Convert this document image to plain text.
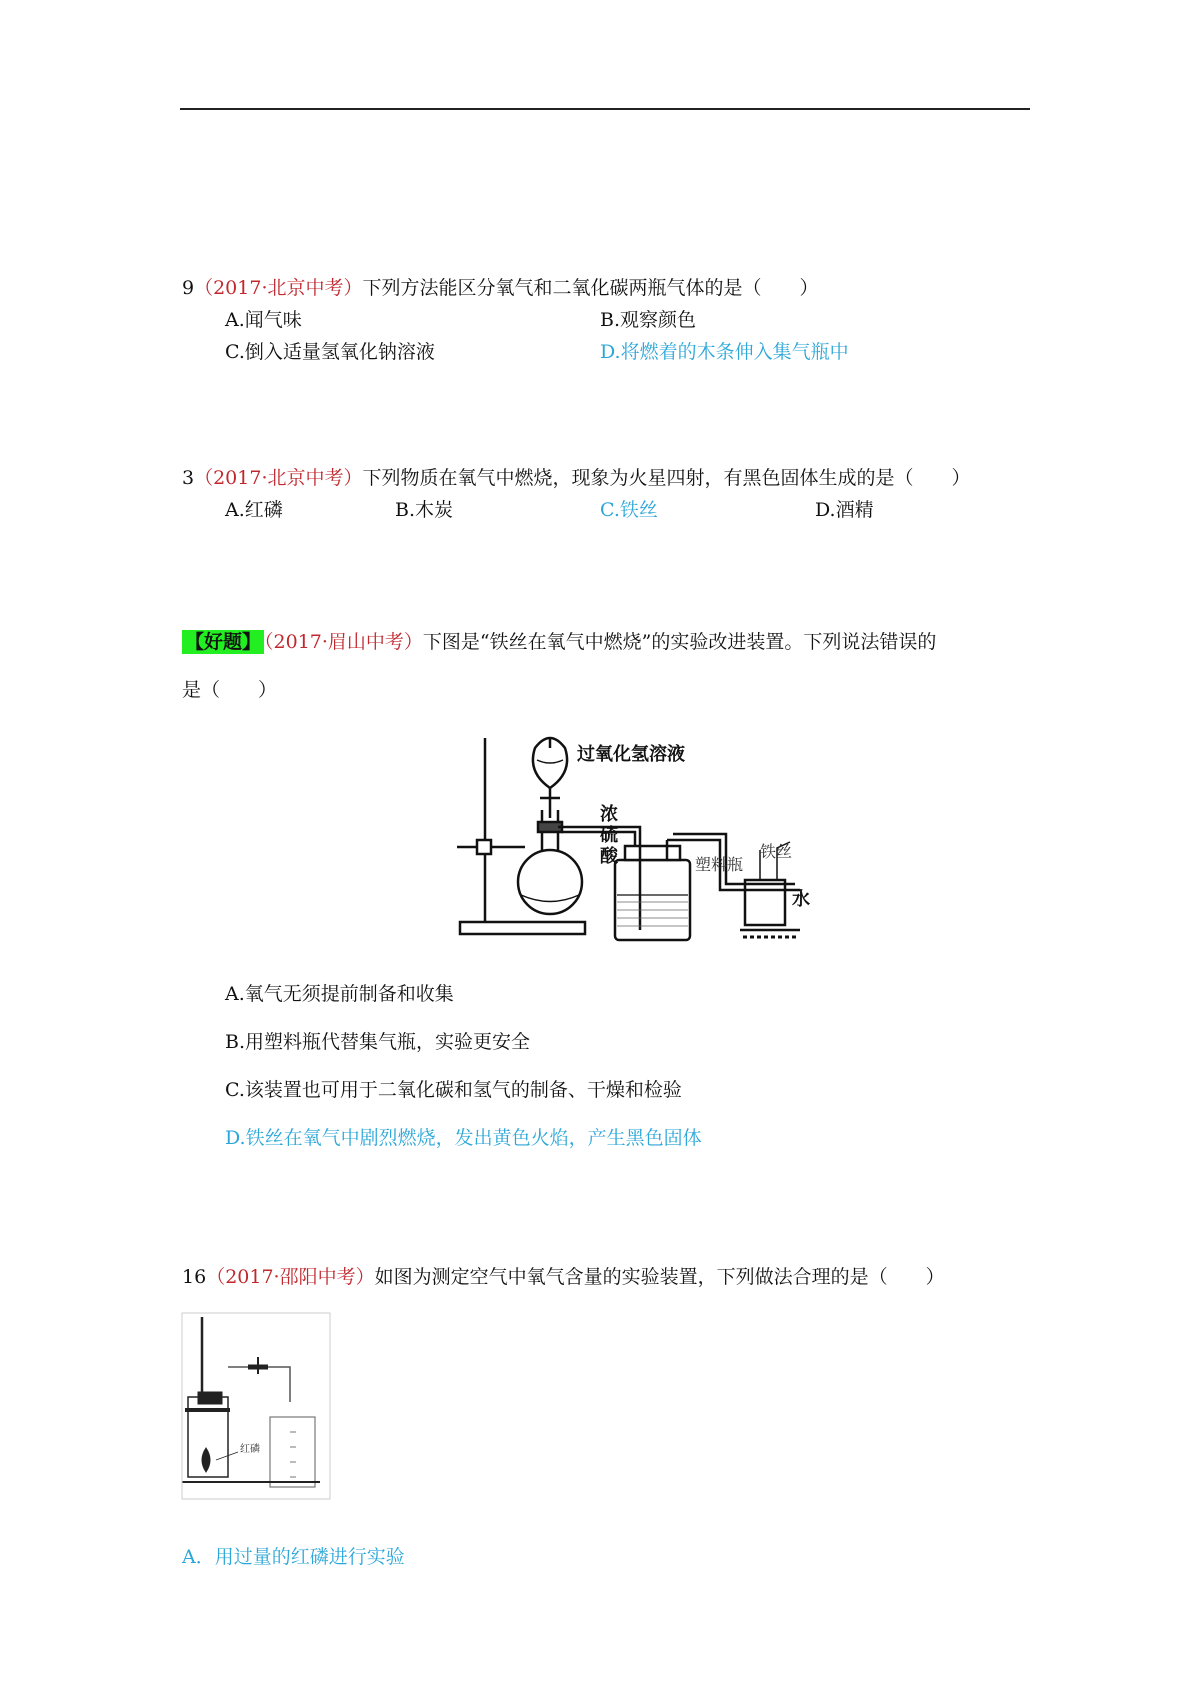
9（2017·北京中考）下列方法能区分氧气和二氧化碳两瓶气体的是（　　）
A.闻气味	B.观察颜色
C.倒入适量氢氧化钠溶液	D.将燃着的木条伸入集气瓶中
3（2017·北京中考）下列物质在氧气中燃烧，现象为火星四射，有黑色固体生成的是（　　）
A.红磷	B.木炭	C.铁丝	D.酒精
【好题】 （2017·眉山中考）下图是“铁丝在氧气中燃烧”的实验改进装置。下列说法错误的
是（　　）
过氧化氢溶液
浓
硫
酸	塑料瓶
铁丝
水
A.氧气无须提前制备和收集
B.用塑料瓶代替集气瓶，实验更安全
C.该装置也可用于二氧化碳和氢气的制备、干燥和检验
D.铁丝在氧气中剧烈燃烧，发出黄色火焰，产生黑色固体
16（2017·邵阳中考）如图为测定空气中氧气含量的实验装置，下列做法合理的是（　　）
红磷
A．用过量的红磷进行实验
